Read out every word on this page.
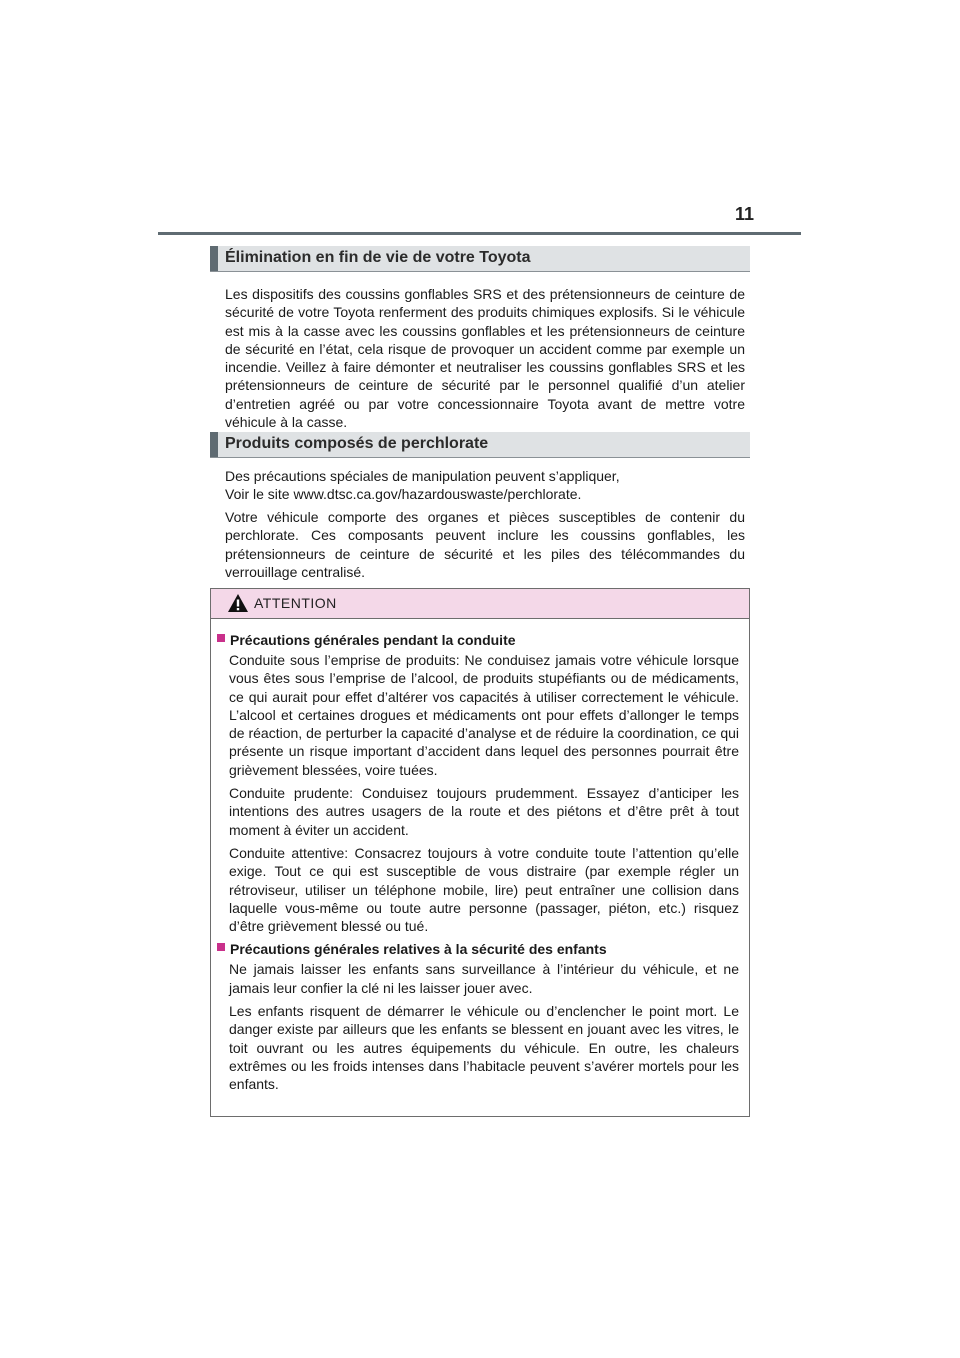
11
Élimination en fin de vie de votre Toyota

Les dispositifs des coussins gonflables SRS et des prétensionneurs de ceinture de sécurité de votre Toyota renferment des produits chimiques explosifs. Si le véhicule est mis à la casse avec les coussins gonflables et les prétensionneurs de ceinture de sécurité en l’état, cela risque de provoquer un accident comme par exemple un incendie. Veillez à faire démonter et neutraliser les coussins gonflables SRS et les prétensionneurs de ceinture de sécurité par le personnel qualifié d’un atelier d’entretien agréé ou par votre concessionnaire Toyota avant de mettre votre véhicule à la casse.

Produits composés de perchlorate

Des précautions spéciales de manipulation peuvent s’appliquer,

Voir le site www.dtsc.ca.gov/hazardouswaste/perchlorate.

Votre véhicule comporte des organes et pièces susceptibles de contenir du perchlorate. Ces composants peuvent inclure les coussins gonflables, les prétensionneurs de ceinture de sécurité et les piles des télécommandes du verrouillage centralisé.

ATTENTION
Précautions générales pendant la conduite

Conduite sous l’emprise de produits: Ne conduisez jamais votre véhicule lorsque vous êtes sous l’emprise de l’alcool, de produits stupéfiants ou de médicaments, ce qui aurait pour effet d’altérer vos capacités à utiliser correctement le véhicule. L’alcool et certaines drogues et médicaments ont pour effets d’allonger le temps de réaction, de perturber la capacité d’analyse et de réduire la coordination, ce qui présente un risque important d’accident dans lequel des personnes pourrait être grièvement blessées, voire tuées.

Conduite prudente: Conduisez toujours prudemment. Essayez d’anticiper les intentions des autres usagers de la route et des piétons et d’être prêt à tout moment à éviter un accident.

Conduite attentive: Consacrez toujours à votre conduite toute l’attention qu’elle exige. Tout ce qui est susceptible de vous distraire (par exemple régler un rétroviseur, utiliser un téléphone mobile, lire) peut entraîner une collision dans laquelle vous-même ou toute autre personne (passager, piéton, etc.) risquez d’être grièvement blessé ou tué.

Précautions générales relatives à la sécurité des enfants

Ne jamais laisser les enfants sans surveillance à l’intérieur du véhicule, et ne jamais leur confier la clé ni les laisser jouer avec.

Les enfants risquent de démarrer le véhicule ou d’enclencher le point mort. Le danger existe par ailleurs que les enfants se blessent en jouant avec les vitres, le toit ouvrant ou les autres équipements du véhicule. En outre, les chaleurs extrêmes ou les froids intenses dans l’habitacle peuvent s’avérer mortels pour les enfants.
